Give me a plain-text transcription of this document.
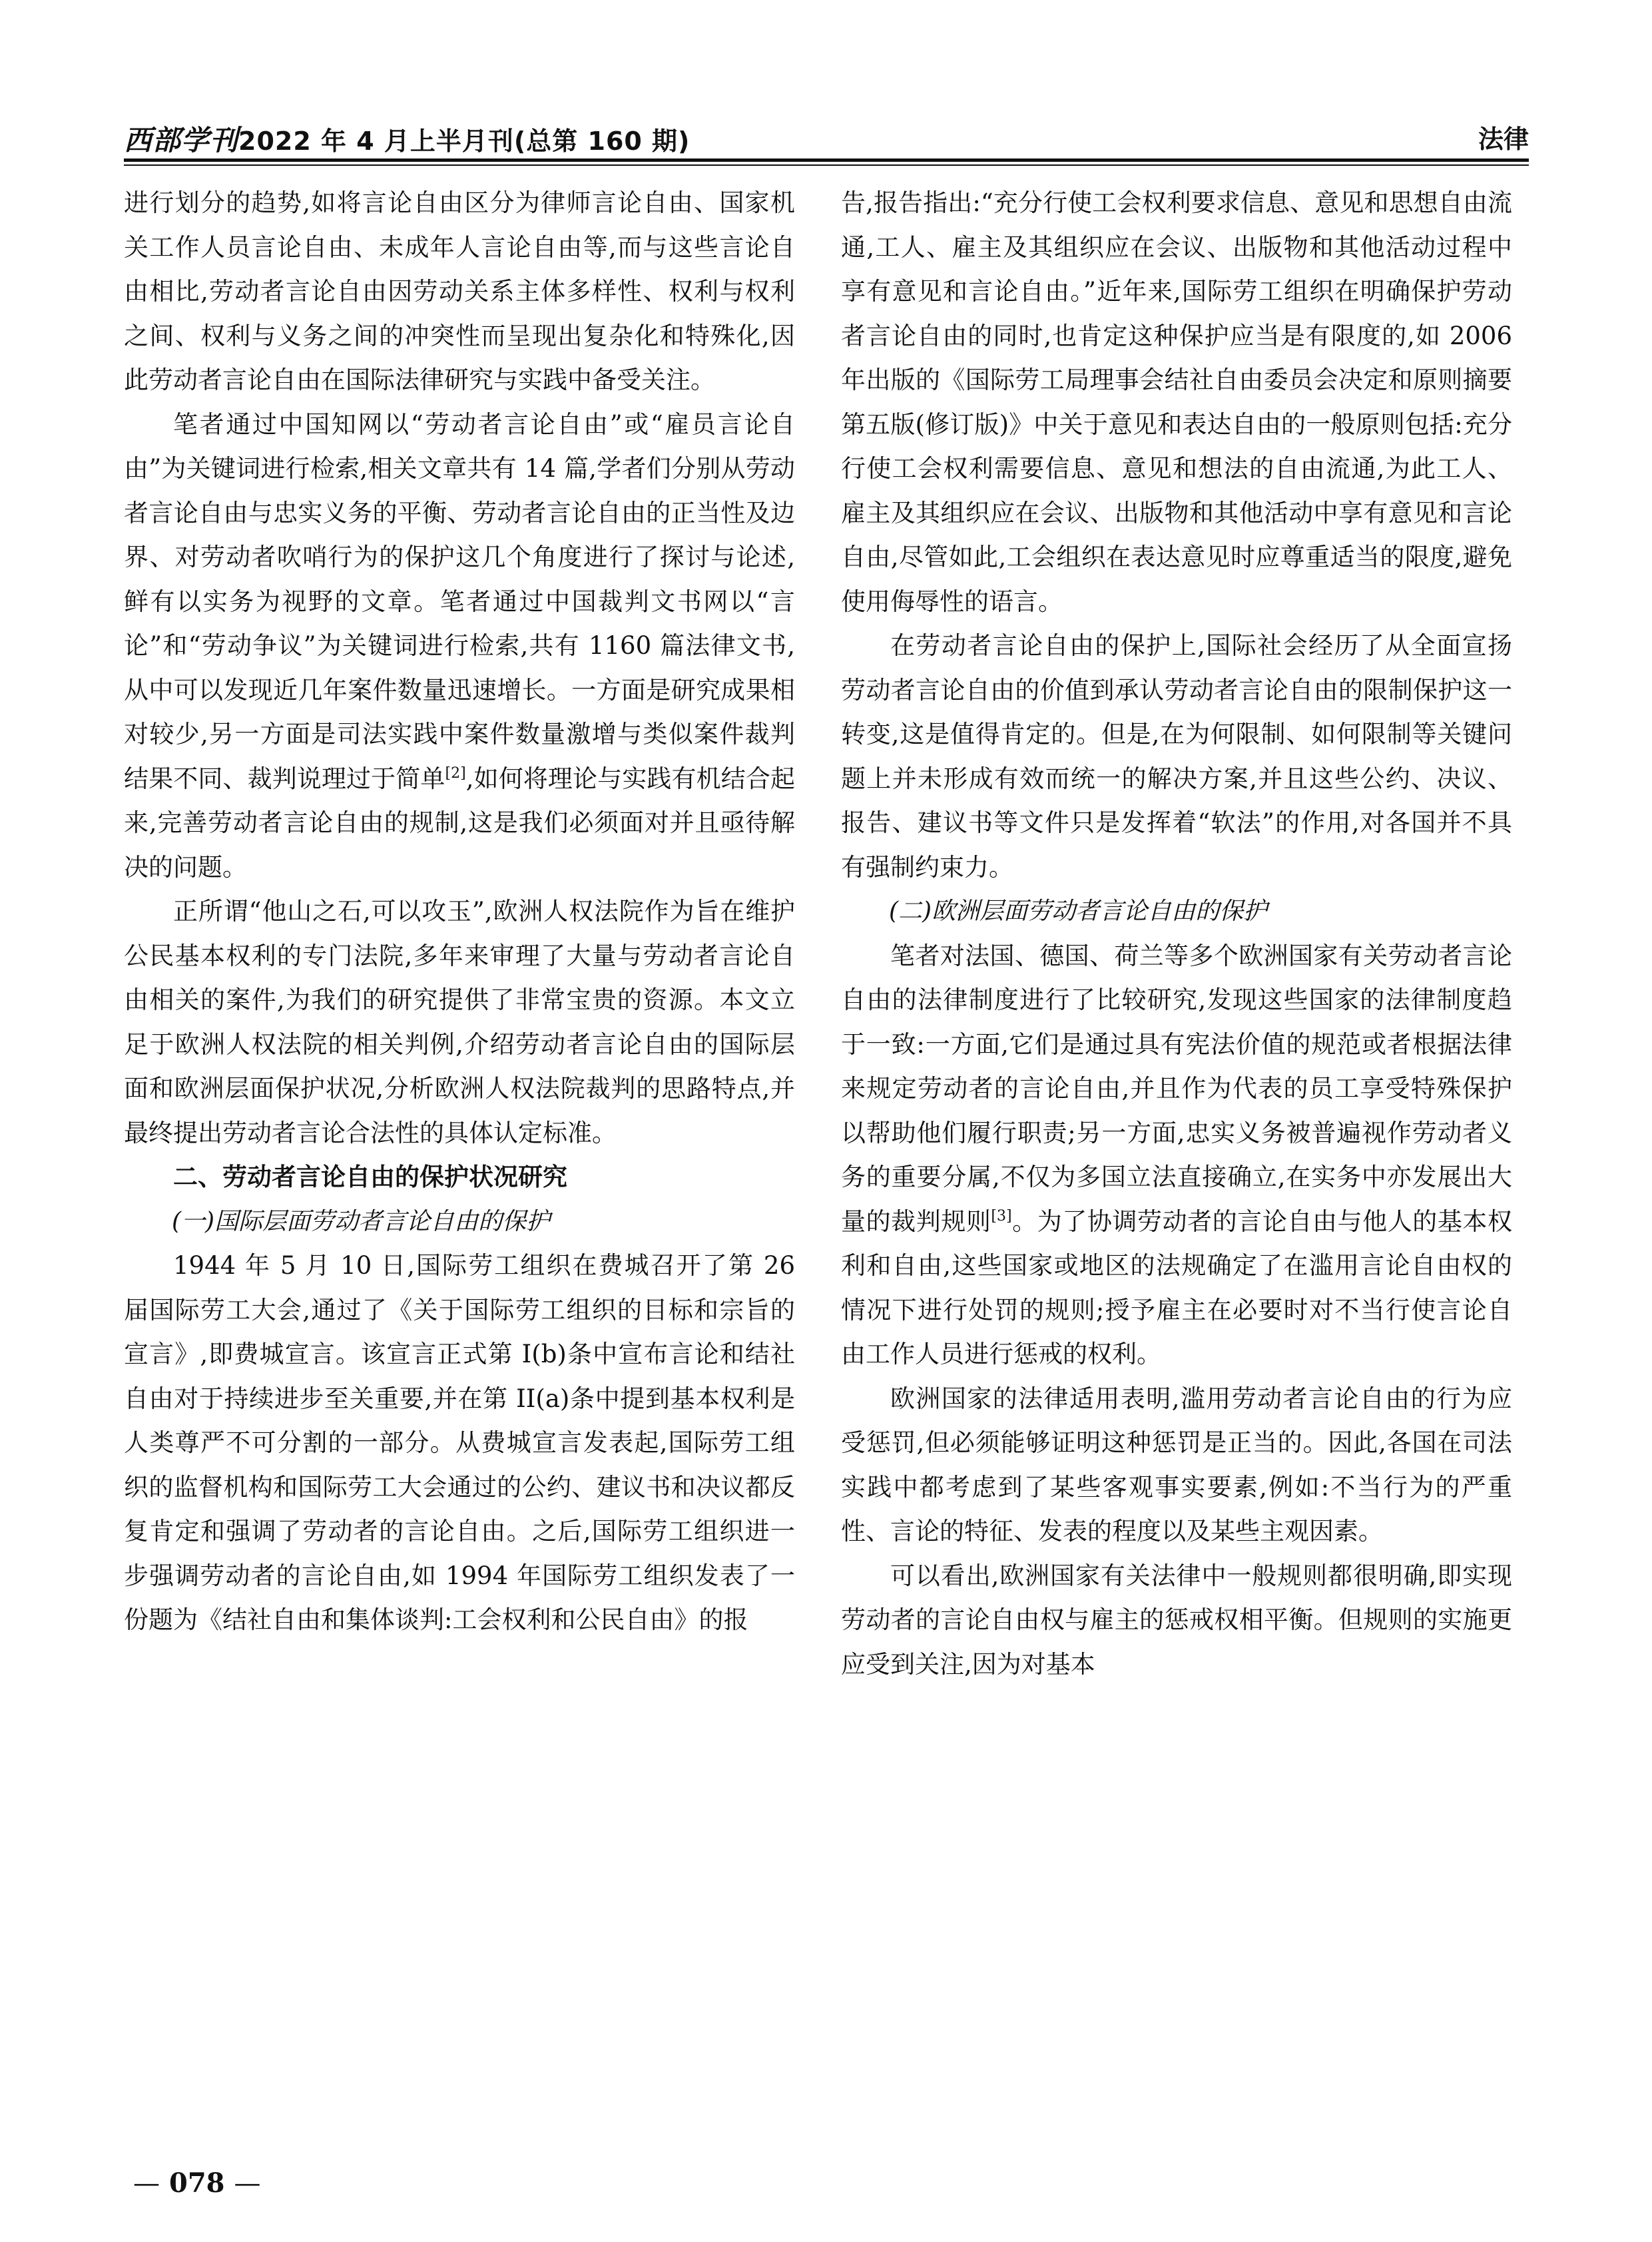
西部学刊2022 年 4 月上半月刊(总第 160 期)	法律

进行划分的趋势,如将言论自由区分为律师言论自由、国家机关工作人员言论自由、未成年人言论自由等,而与这些言论自由相比,劳动者言论自由因劳动关系主体多样性、权利与权利之间、权利与义务之间的冲突性而呈现出复杂化和特殊化,因此劳动者言论自由在国际法律研究与实践中备受关注。

笔者通过中国知网以“劳动者言论自由”或“雇员言论自由”为关键词进行检索,相关文章共有 14 篇,学者们分别从劳动者言论自由与忠实义务的平衡、劳动者言论自由的正当性及边界、对劳动者吹哨行为的保护这几个角度进行了探讨与论述,鲜有以实务为视野的文章。笔者通过中国裁判文书网以“言论”和“劳动争议”为关键词进行检索,共有 1160 篇法律文书,从中可以发现近几年案件数量迅速增长。一方面是研究成果相对较少,另一方面是司法实践中案件数量激增与类似案件裁判结果不同、裁判说理过于简单[2],如何将理论与实践有机结合起来,完善劳动者言论自由的规制,这是我们必须面对并且亟待解决的问题。

正所谓“他山之石,可以攻玉”,欧洲人权法院作为旨在维护公民基本权利的专门法院,多年来审理了大量与劳动者言论自由相关的案件,为我们的研究提供了非常宝贵的资源。本文立足于欧洲人权法院的相关判例,介绍劳动者言论自由的国际层面和欧洲层面保护状况,分析欧洲人权法院裁判的思路特点,并最终提出劳动者言论合法性的具体认定标准。

二、劳动者言论自由的保护状况研究
(一)国际层面劳动者言论自由的保护

1944 年 5 月 10 日,国际劳工组织在费城召开了第 26 届国际劳工大会,通过了《关于国际劳工组织的目标和宗旨的宣言》,即费城宣言。该宣言正式第 I(b)条中宣布言论和结社自由对于持续进步至关重要,并在第 II(a)条中提到基本权利是人类尊严不可分割的一部分。从费城宣言发表起,国际劳工组织的监督机构和国际劳工大会通过的公约、建议书和决议都反复肯定和强调了劳动者的言论自由。之后,国际劳工组织进一步强调劳动者的言论自由,如 1994 年国际劳工组织发表了一份题为《结社自由和集体谈判:工会权利和公民自由》的报

告,报告指出:“充分行使工会权利要求信息、意见和思想自由流通,工人、雇主及其组织应在会议、出版物和其他活动过程中享有意见和言论自由。”近年来,国际劳工组织在明确保护劳动者言论自由的同时,也肯定这种保护应当是有限度的,如 2006 年出版的《国际劳工局理事会结社自由委员会决定和原则摘要第五版(修订版)》中关于意见和表达自由的一般原则包括:充分行使工会权利需要信息、意见和想法的自由流通,为此工人、雇主及其组织应在会议、出版物和其他活动中享有意见和言论自由,尽管如此,工会组织在表达意见时应尊重适当的限度,避免使用侮辱性的语言。

在劳动者言论自由的保护上,国际社会经历了从全面宣扬劳动者言论自由的价值到承认劳动者言论自由的限制保护这一转变,这是值得肯定的。但是,在为何限制、如何限制等关键问题上并未形成有效而统一的解决方案,并且这些公约、决议、报告、建议书等文件只是发挥着“软法”的作用,对各国并不具有强制约束力。

(二)欧洲层面劳动者言论自由的保护

笔者对法国、德国、荷兰等多个欧洲国家有关劳动者言论自由的法律制度进行了比较研究,发现这些国家的法律制度趋于一致:一方面,它们是通过具有宪法价值的规范或者根据法律来规定劳动者的言论自由,并且作为代表的员工享受特殊保护以帮助他们履行职责;另一方面,忠实义务被普遍视作劳动者义务的重要分属,不仅为多国立法直接确立,在实务中亦发展出大量的裁判规则[3]。为了协调劳动者的言论自由与他人的基本权利和自由,这些国家或地区的法规确定了在滥用言论自由权的情况下进行处罚的规则;授予雇主在必要时对不当行使言论自由工作人员进行惩戒的权利。

欧洲国家的法律适用表明,滥用劳动者言论自由的行为应受惩罚,但必须能够证明这种惩罚是正当的。因此,各国在司法实践中都考虑到了某些客观事实要素,例如:不当行为的严重性、言论的特征、发表的程度以及某些主观因素。

可以看出,欧洲国家有关法律中一般规则都很明确,即实现劳动者的言论自由权与雇主的惩戒权相平衡。但规则的实施更应受到关注,因为对基本

— 078 —
